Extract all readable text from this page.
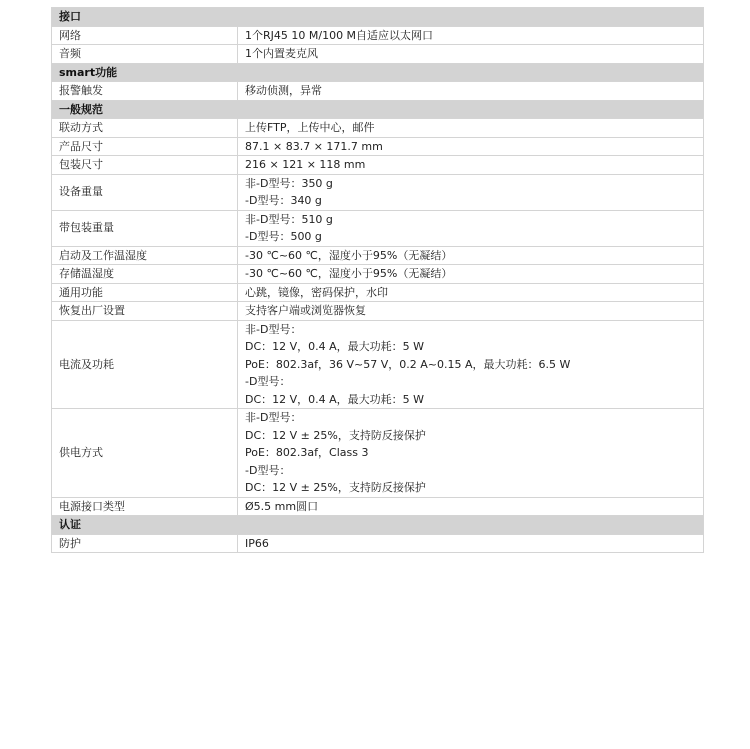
接口	
网络	1个RJ45 10 M/100 M自适应以太网口

音频	1个内置麦克风

smart功能	
报警触发	移动侦测，异常

一般规范	
联动方式	上传FTP，上传中心，邮件

产品尺寸	87.1 × 83.7 × 171.7 mm

包装尺寸	216 × 121 × 118 mm

设备重量	非-D型号：350 g
-D型号：340 g

带包装重量	非-D型号：510 g
-D型号：500 g

启动及工作温湿度	-30 ℃~60 ℃，湿度小于95%（无凝结）

存储温湿度	-30 ℃~60 ℃，湿度小于95%（无凝结）

通用功能	心跳，镜像，密码保护，水印

恢复出厂设置	支持客户端或浏览器恢复

电流及功耗	非-D型号：
DC：12 V，0.4 A，最大功耗：5 W
PoE：802.3af，36 V~57 V，0.2 A~0.15 A，最大功耗：6.5 W
-D型号：
DC：12 V，0.4 A，最大功耗：5 W

供电方式	非-D型号：
DC：12 V ± 25%，支持防反接保护
PoE：802.3af，Class 3
-D型号：
DC：12 V ± 25%，支持防反接保护

电源接口类型	Ø5.5 mm圆口

认证	
防护	IP66
